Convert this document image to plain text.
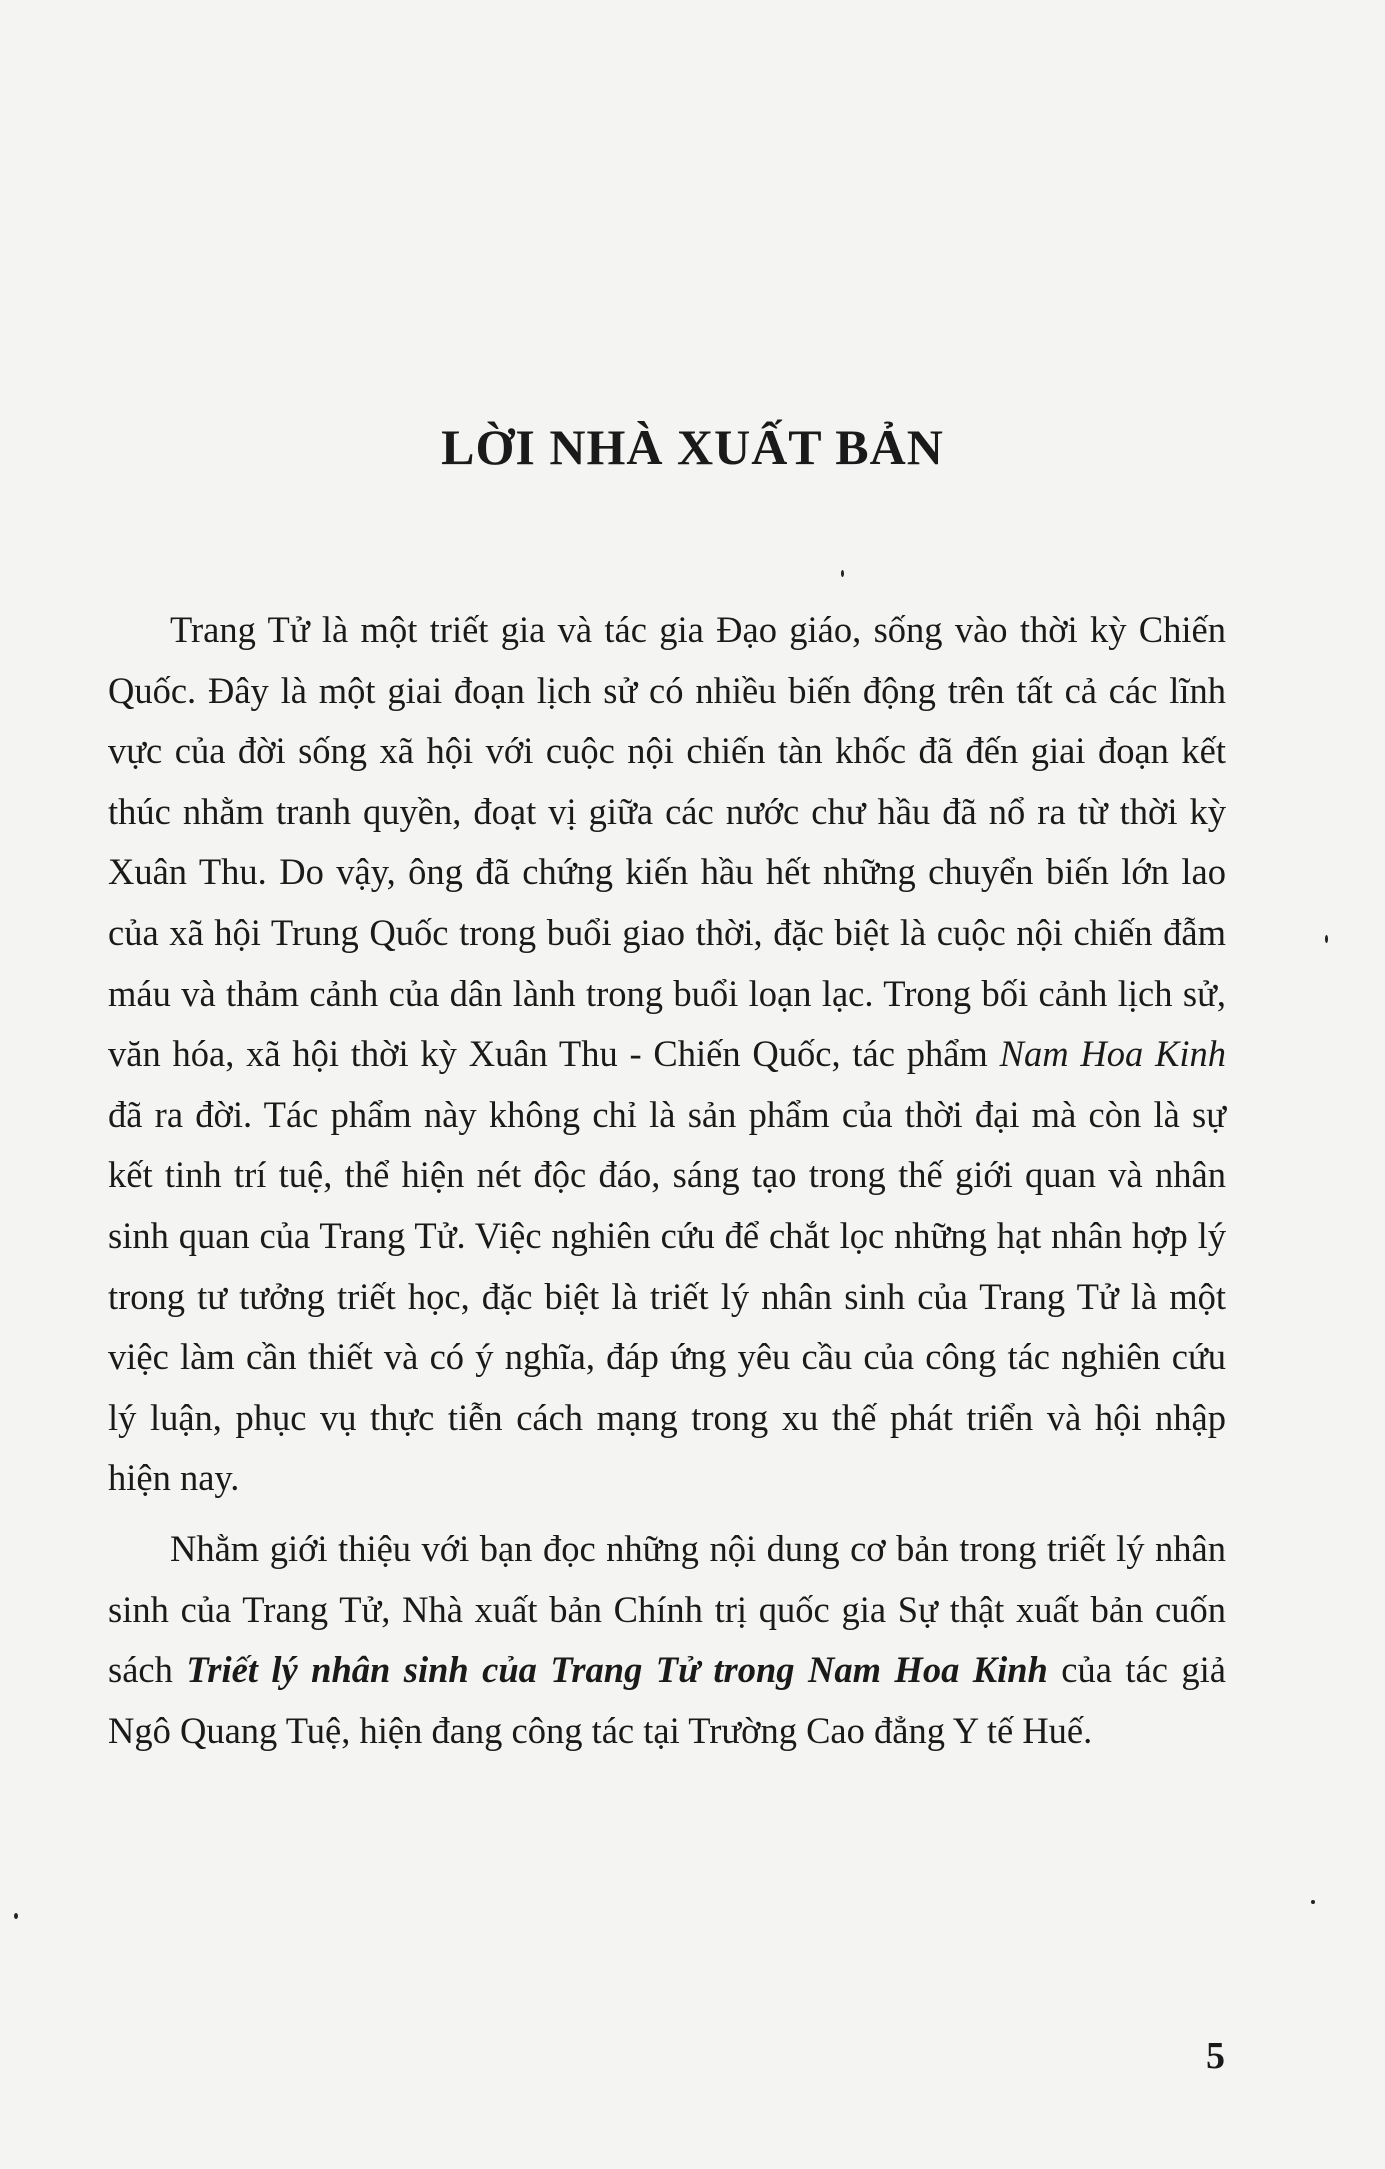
LỜI NHÀ XUẤT BẢN

Trang Tử là một triết gia và tác gia Đạo giáo, sống vào thời kỳ Chiến Quốc. Đây là một giai đoạn lịch sử có nhiều biến động trên tất cả các lĩnh vực của đời sống xã hội với cuộc nội chiến tàn khốc đã đến giai đoạn kết thúc nhằm tranh quyền, đoạt vị giữa các nước chư hầu đã nổ ra từ thời kỳ Xuân Thu. Do vậy, ông đã chứng kiến hầu hết những chuyển biến lớn lao của xã hội Trung Quốc trong buổi giao thời, đặc biệt là cuộc nội chiến đẫm máu và thảm cảnh của dân lành trong buổi loạn lạc. Trong bối cảnh lịch sử, văn hóa, xã hội thời kỳ Xuân Thu - Chiến Quốc, tác phẩm Nam Hoa Kinh đã ra đời. Tác phẩm này không chỉ là sản phẩm của thời đại mà còn là sự kết tinh trí tuệ, thể hiện nét độc đáo, sáng tạo trong thế giới quan và nhân sinh quan của Trang Tử. Việc nghiên cứu để chắt lọc những hạt nhân hợp lý trong tư tưởng triết học, đặc biệt là triết lý nhân sinh của Trang Tử là một việc làm cần thiết và có ý nghĩa, đáp ứng yêu cầu của công tác nghiên cứu lý luận, phục vụ thực tiễn cách mạng trong xu thế phát triển và hội nhập hiện nay.

Nhằm giới thiệu với bạn đọc những nội dung cơ bản trong triết lý nhân sinh của Trang Tử, Nhà xuất bản Chính trị quốc gia Sự thật xuất bản cuốn sách Triết lý nhân sinh của Trang Tử trong Nam Hoa Kinh của tác giả Ngô Quang Tuệ, hiện đang công tác tại Trường Cao đẳng Y tế Huế.

5
